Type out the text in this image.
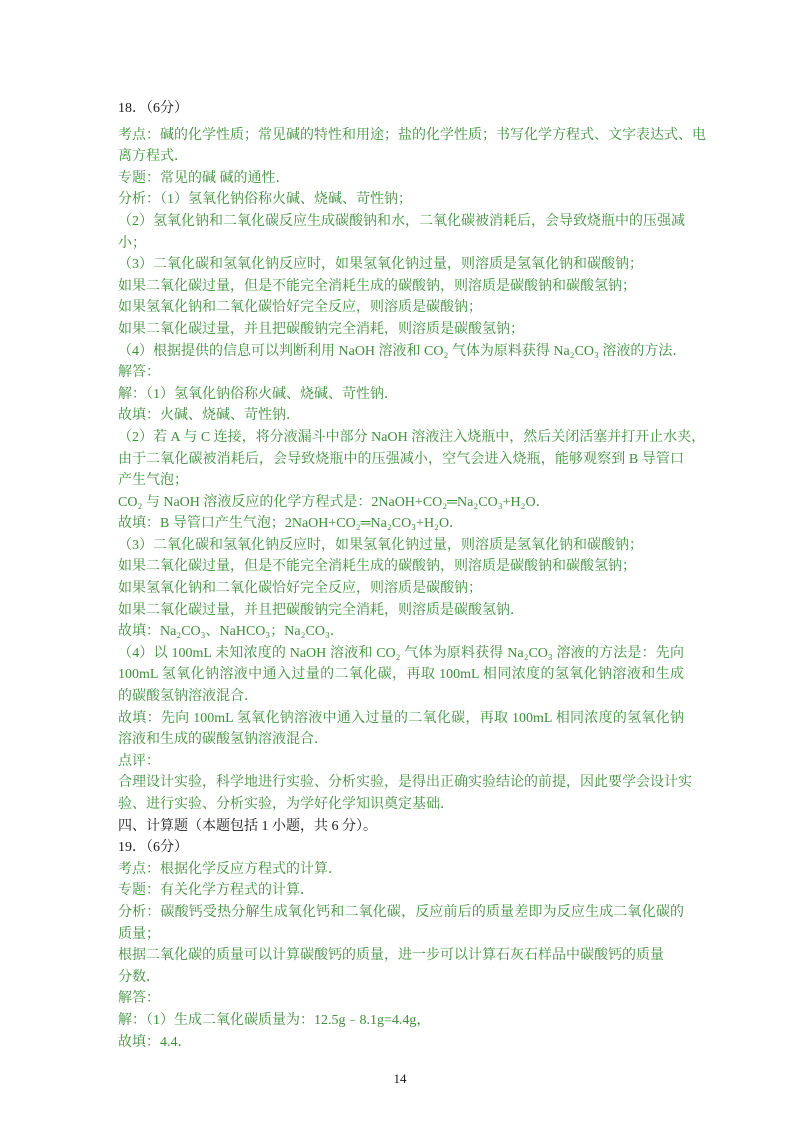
18．（6分）
考点：碱的化学性质；常见碱的特性和用途；盐的化学性质；书写化学方程式、文字表达式、电
离方程式．
专题：常见的碱 碱的通性．
分析：（1）氢氧化钠俗称火碱、烧碱、苛性钠；
（2）氢氧化钠和二氧化碳反应生成碳酸钠和水，二氧化碳被消耗后，会导致烧瓶中的压强减
小；
（3）二氧化碳和氢氧化钠反应时，如果氢氧化钠过量，则溶质是氢氧化钠和碳酸钠；
如果二氧化碳过量，但是不能完全消耗生成的碳酸钠，则溶质是碳酸钠和碳酸氢钠；
如果氢氧化钠和二氧化碳恰好完全反应，则溶质是碳酸钠；
如果二氧化碳过量，并且把碳酸钠完全消耗，则溶质是碳酸氢钠；
（4）根据提供的信息可以判断利用 NaOH 溶液和 CO₂ 气体为原料获得 Na₂CO₃ 溶液的方法．
解答：
解：（1）氢氧化钠俗称火碱、烧碱、苛性钠．
故填：火碱、烧碱、苛性钠．
（2）若 A 与 C 连接，将分液漏斗中部分 NaOH 溶液注入烧瓶中，然后关闭活塞并打开止水夹，
由于二氧化碳被消耗后，会导致烧瓶中的压强减小，空气会进入烧瓶，能够观察到 B 导管口
产生气泡；
CO₂ 与 NaOH 溶液反应的化学方程式是：2NaOH+CO₂═Na₂CO₃+H₂O．
故填：B 导管口产生气泡；2NaOH+CO₂═Na₂CO₃+H₂O．
（3）二氧化碳和氢氧化钠反应时，如果氢氧化钠过量，则溶质是氢氧化钠和碳酸钠；
如果二氧化碳过量，但是不能完全消耗生成的碳酸钠，则溶质是碳酸钠和碳酸氢钠；
如果氢氧化钠和二氧化碳恰好完全反应，则溶质是碳酸钠；
如果二氧化碳过量，并且把碳酸钠完全消耗，则溶质是碳酸氢钠．
故填：Na₂CO₃、NaHCO₃；Na₂CO₃．
（4）以 100mL 未知浓度的 NaOH 溶液和 CO₂ 气体为原料获得 Na₂CO₃ 溶液的方法是：先向
100mL 氢氧化钠溶液中通入过量的二氧化碳，再取 100mL 相同浓度的氢氧化钠溶液和生成
的碳酸氢钠溶液混合．
故填：先向 100mL 氢氧化钠溶液中通入过量的二氧化碳，再取 100mL 相同浓度的氢氧化钠
溶液和生成的碳酸氢钠溶液混合．
点评：
合理设计实验，科学地进行实验、分析实验，是得出正确实验结论的前提，因此要学会设计实
验、进行实验、分析实验，为学好化学知识奠定基础．
四、计算题（本题包括 1 小题，共 6 分）。
19．（6分）
考点：根据化学反应方程式的计算．
专题：有关化学方程式的计算．
分析：碳酸钙受热分解生成氧化钙和二氧化碳，反应前后的质量差即为反应生成二氧化碳的
质量；
根据二氧化碳的质量可以计算碳酸钙的质量，进一步可以计算石灰石样品中碳酸钙的质量
分数．
解答：
解：（1）生成二氧化碳质量为：12.5g﹣8.1g=4.4g，
故填：4.4．
14
